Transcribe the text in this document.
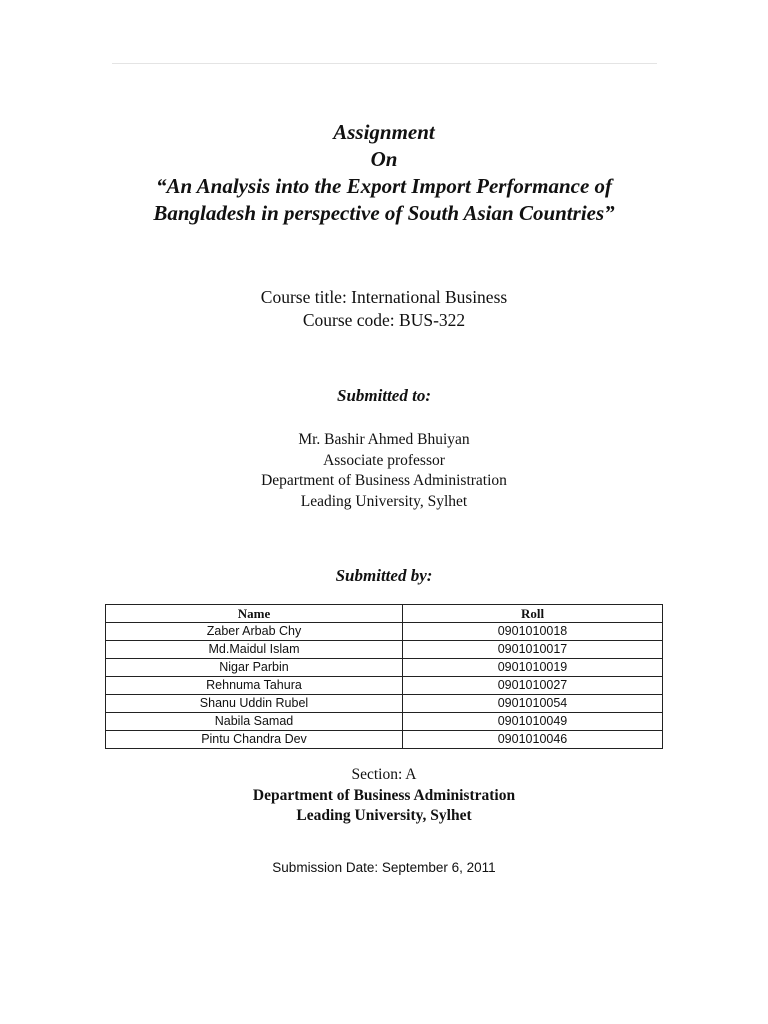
Assignment

On

“An Analysis into the Export Import Performance of

Bangladesh in perspective of South Asian Countries”

Course title: International Business
Course code: BUS-322
Submitted to:
Mr. Bashir Ahmed Bhuiyan
Associate professor
Department of Business Administration
Leading University, Sylhet
Submitted by:
Name	Roll
Zaber Arbab Chy	0901010018
Md.Maidul Islam	0901010017
Nigar Parbin	0901010019
Rehnuma Tahura	0901010027
Shanu Uddin Rubel	0901010054
Nabila Samad	0901010049
Pintu Chandra Dev	0901010046
Section: A
Department of Business Administration
Leading University, Sylhet
Submission Date: September 6, 2011
